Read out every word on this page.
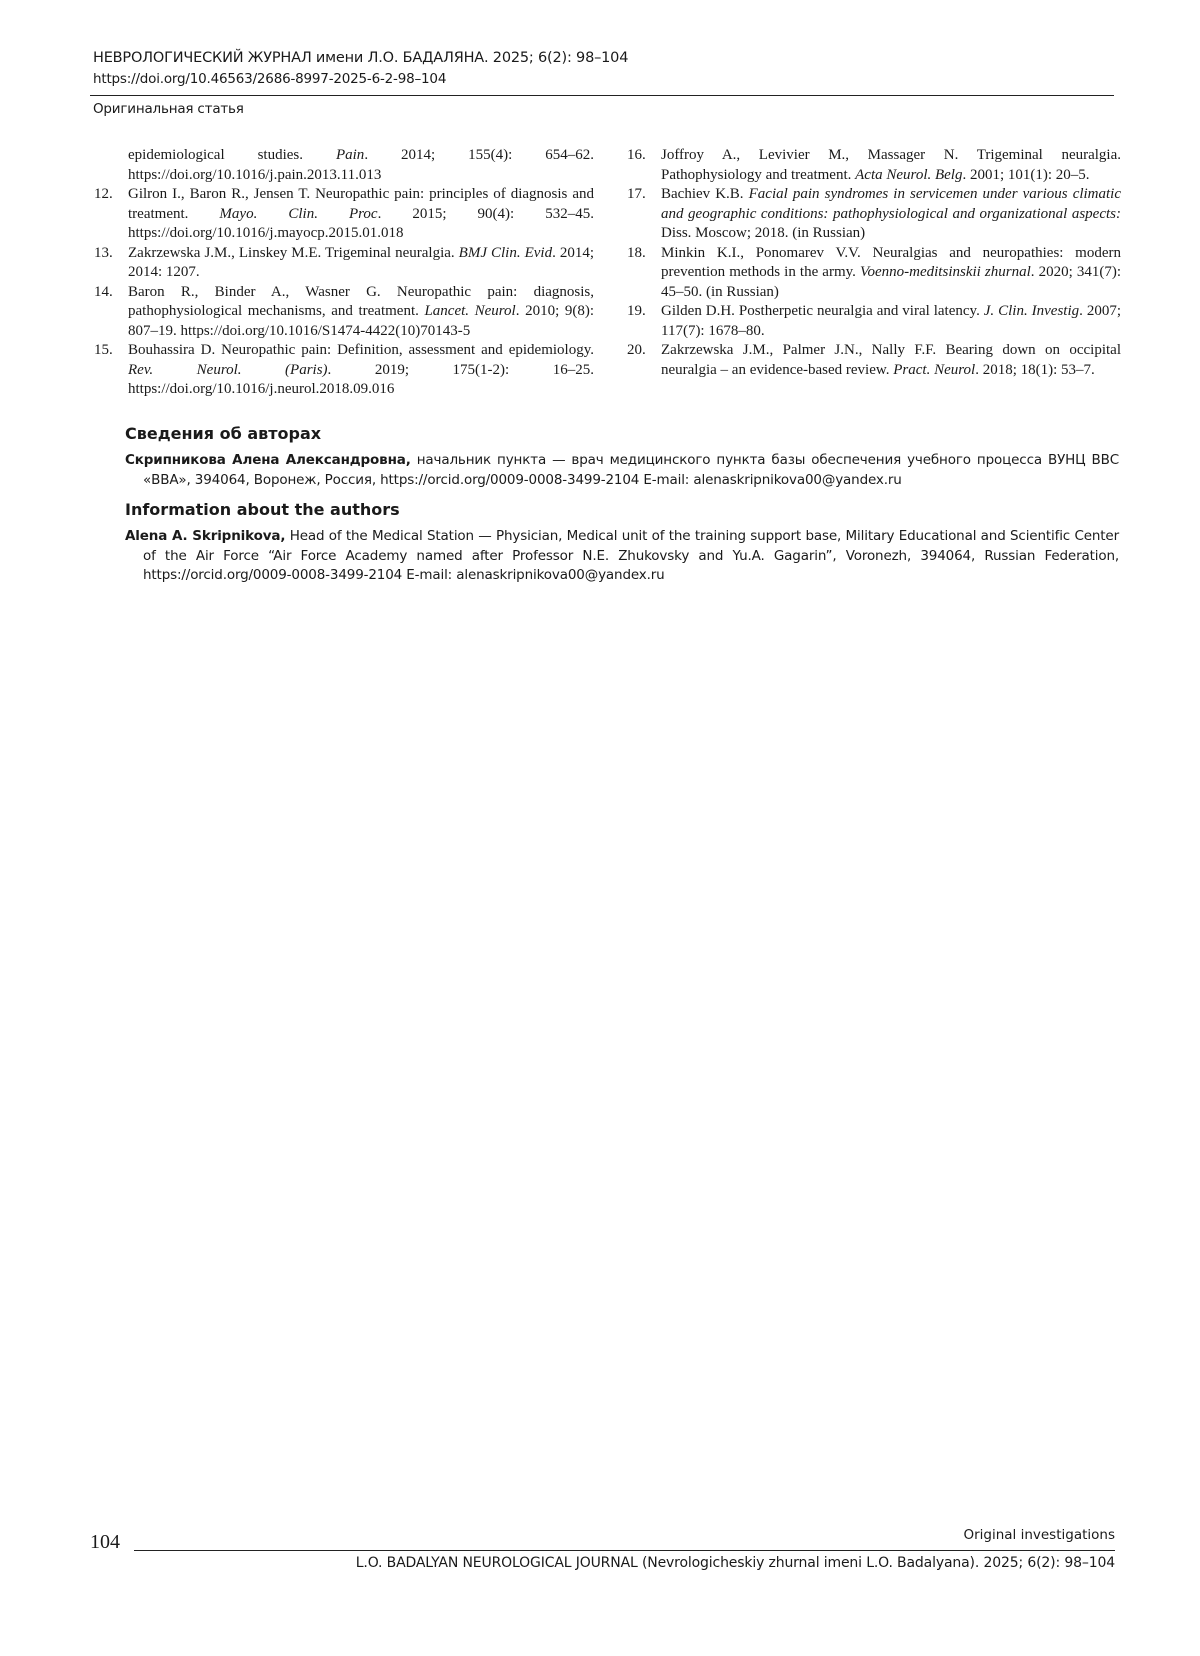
НЕВРОЛОГИЧЕСКИЙ ЖУРНАЛ имени Л.О. БАДАЛЯНА. 2025; 6(2): 98–104
https://doi.org/10.46563/2686-8997-2025-6-2-98–104
Оригинальная статья
epidemiological studies. Pain. 2014; 155(4): 654–62. https://doi.org/10.1016/j.pain.2013.11.013
12. Gilron I., Baron R., Jensen T. Neuropathic pain: principles of diagnosis and treatment. Mayo. Clin. Proc. 2015; 90(4): 532–45. https://doi.org/10.1016/j.mayocp.2015.01.018
13. Zakrzewska J.M., Linskey M.E. Trigeminal neuralgia. BMJ Clin. Evid. 2014; 2014: 1207.
14. Baron R., Binder A., Wasner G. Neuropathic pain: diagnosis, pathophysiological mechanisms, and treatment. Lancet. Neurol. 2010; 9(8): 807–19. https://doi.org/10.1016/S1474-4422(10)70143-5
15. Bouhassira D. Neuropathic pain: Definition, assessment and epidemiology. Rev. Neurol. (Paris). 2019; 175(1-2): 16–25. https://doi.org/10.1016/j.neurol.2018.09.016
16. Joffroy A., Levivier M., Massager N. Trigeminal neuralgia. Pathophysiology and treatment. Acta Neurol. Belg. 2001; 101(1): 20–5.
17. Bachiev K.B. Facial pain syndromes in servicemen under various climatic and geographic conditions: pathophysiological and organizational aspects: Diss. Moscow; 2018. (in Russian)
18. Minkin K.I., Ponomarev V.V. Neuralgias and neuropathies: modern prevention methods in the army. Voenno-meditsinskii zhurnal. 2020; 341(7): 45–50. (in Russian)
19. Gilden D.H. Postherpetic neuralgia and viral latency. J. Clin. Investig. 2007; 117(7): 1678–80.
20. Zakrzewska J.M., Palmer J.N., Nally F.F. Bearing down on occipital neuralgia – an evidence-based review. Pract. Neurol. 2018; 18(1): 53–7.
Сведения об авторах
Скрипникова Алена Александровна, начальник пункта — врач медицинского пункта базы обеспечения учебного процесса ВУНЦ ВВС «ВВА», 394064, Воронеж, Россия, https://orcid.org/0009-0008-3499-2104 E-mail: alenaskripnikova00@yandex.ru
Information about the authors
Alena A. Skripnikova, Head of the Medical Station — Physician, Medical unit of the training support base, Military Educational and Scientific Center of the Air Force “Air Force Academy named after Professor N.E. Zhukovsky and Yu.A. Gagarin”, Voronezh, 394064, Russian Federation, https://orcid.org/0009-0008-3499-2104 E-mail: alenaskripnikova00@yandex.ru
Original investigations
104
L.O. BADALYAN NEUROLOGICAL JOURNAL (Nevrologicheskiy zhurnal imeni L.O. Badalyana). 2025; 6(2): 98–104
